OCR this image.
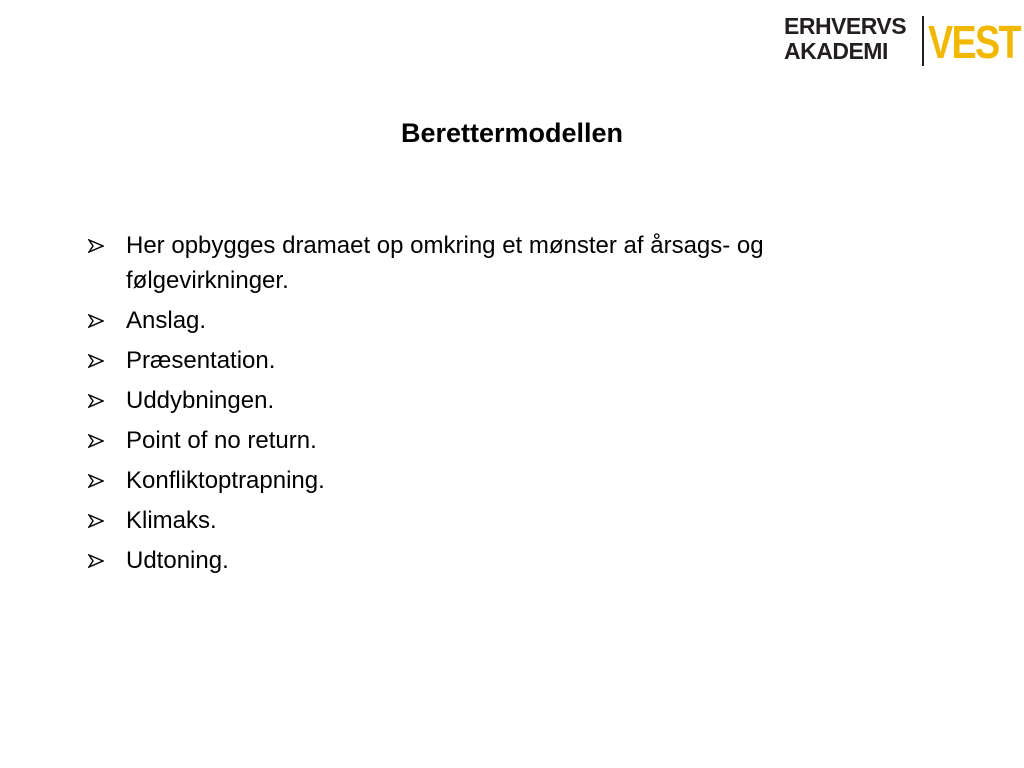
ERHVERVS
AKADEMI VEST
Berettermodellen
Her opbygges dramaet op omkring et mønster af årsags- og følgevirkninger.
Anslag.
Præsentation.
Uddybningen.
Point of no return.
Konfliktoptrapning.
Klimaks.
Udtoning.
